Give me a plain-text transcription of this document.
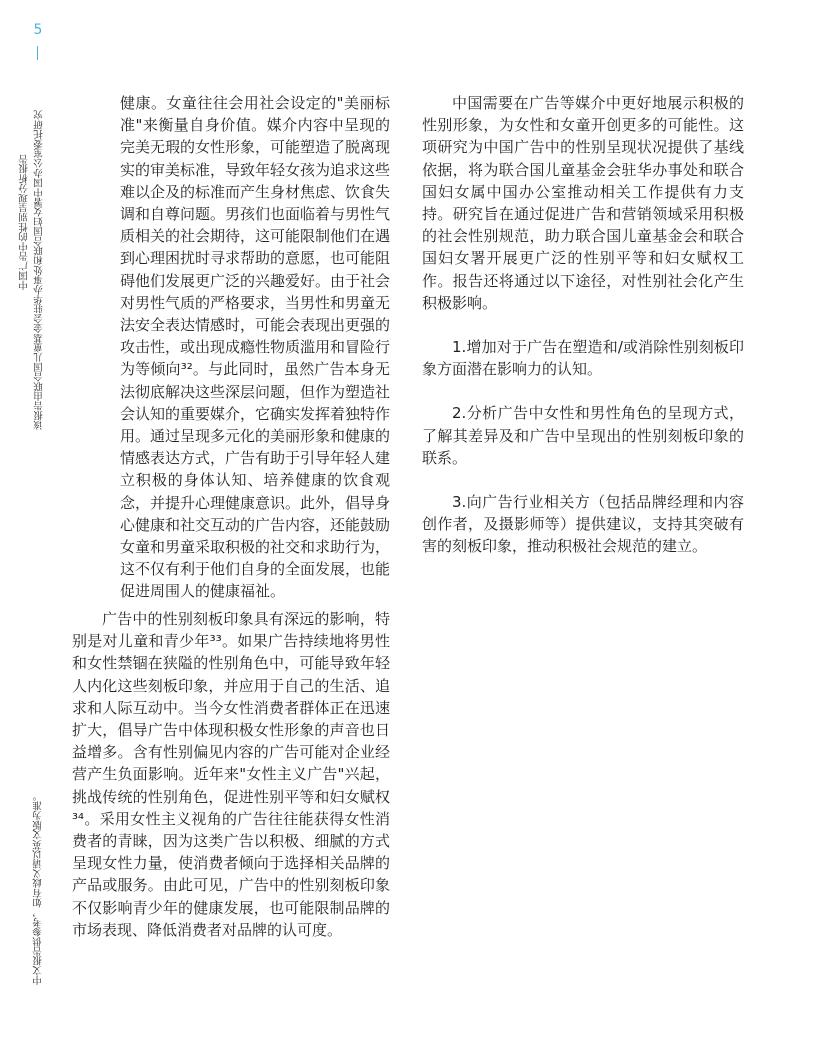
5
中国广告中的性别呈现分析报告 该报告由联合国儿童基金会驻华办事处和联合国妇女署中国办公室委托研究
中文报告供参考，如有歧义请以英文版为准。

健康。女童往往会用社会设定的"美丽标准"来衡量自身价值。媒介内容中呈现的完美无瑕的女性形象，可能塑造了脱离现实的审美标准，导致年轻女孩为追求这些难以企及的标准而产生身材焦虑、饮食失调和自尊问题。男孩们也面临着与男性气质相关的社会期待，这可能限制他们在遇到心理困扰时寻求帮助的意愿，也可能阻碍他们发展更广泛的兴趣爱好。由于社会对男性气质的严格要求，当男性和男童无法安全表达情感时，可能会表现出更强的攻击性，或出现成瘾性物质滥用和冒险行为等倾向³²。与此同时，虽然广告本身无法彻底解决这些深层问题，但作为塑造社会认知的重要媒介，它确实发挥着独特作用。通过呈现多元化的美丽形象和健康的情感表达方式，广告有助于引导年轻人建立积极的身体认知、培养健康的饮食观念，并提升心理健康意识。此外，倡导身心健康和社交互动的广告内容，还能鼓励女童和男童采取积极的社交和求助行为，这不仅有利于他们自身的全面发展，也能促进周围人的健康福祉。

广告中的性别刻板印象具有深远的影响，特别是对儿童和青少年³³。如果广告持续地将男性和女性禁锢在狭隘的性别角色中，可能导致年轻人内化这些刻板印象，并应用于自己的生活、追求和人际互动中。当今女性消费者群体正在迅速扩大，倡导广告中体现积极女性形象的声音也日益增多。含有性别偏见内容的广告可能对企业经营产生负面影响。近年来"女性主义广告"兴起，挑战传统的性别角色，促进性别平等和妇女赋权³⁴。采用女性主义视角的广告往往能获得女性消费者的青睐，因为这类广告以积极、细腻的方式呈现女性力量，使消费者倾向于选择相关品牌的产品或服务。由此可见，广告中的性别刻板印象不仅影响青少年的健康发展，也可能限制品牌的市场表现、降低消费者对品牌的认可度。

中国需要在广告等媒介中更好地展示积极的性别形象，为女性和女童开创更多的可能性。这项研究为中国广告中的性别呈现状况提供了基线依据，将为联合国儿童基金会驻华办事处和联合国妇女属中国办公室推动相关工作提供有力支持。研究旨在通过促进广告和营销领域采用积极的社会性别规范，助力联合国儿童基金会和联合国妇女署开展更广泛的性别平等和妇女赋权工作。报告还将通过以下途径，对性别社会化产生积极影响。

1.增加对于广告在塑造和/或消除性别刻板印象方面潜在影响力的认知。

2.分析广告中女性和男性角色的呈现方式，了解其差异及和广告中呈现出的性别刻板印象的联系。

3.向广告行业相关方（包括品牌经理和内容创作者，及摄影师等）提供建议，支持其突破有害的刻板印象，推动积极社会规范的建立。
